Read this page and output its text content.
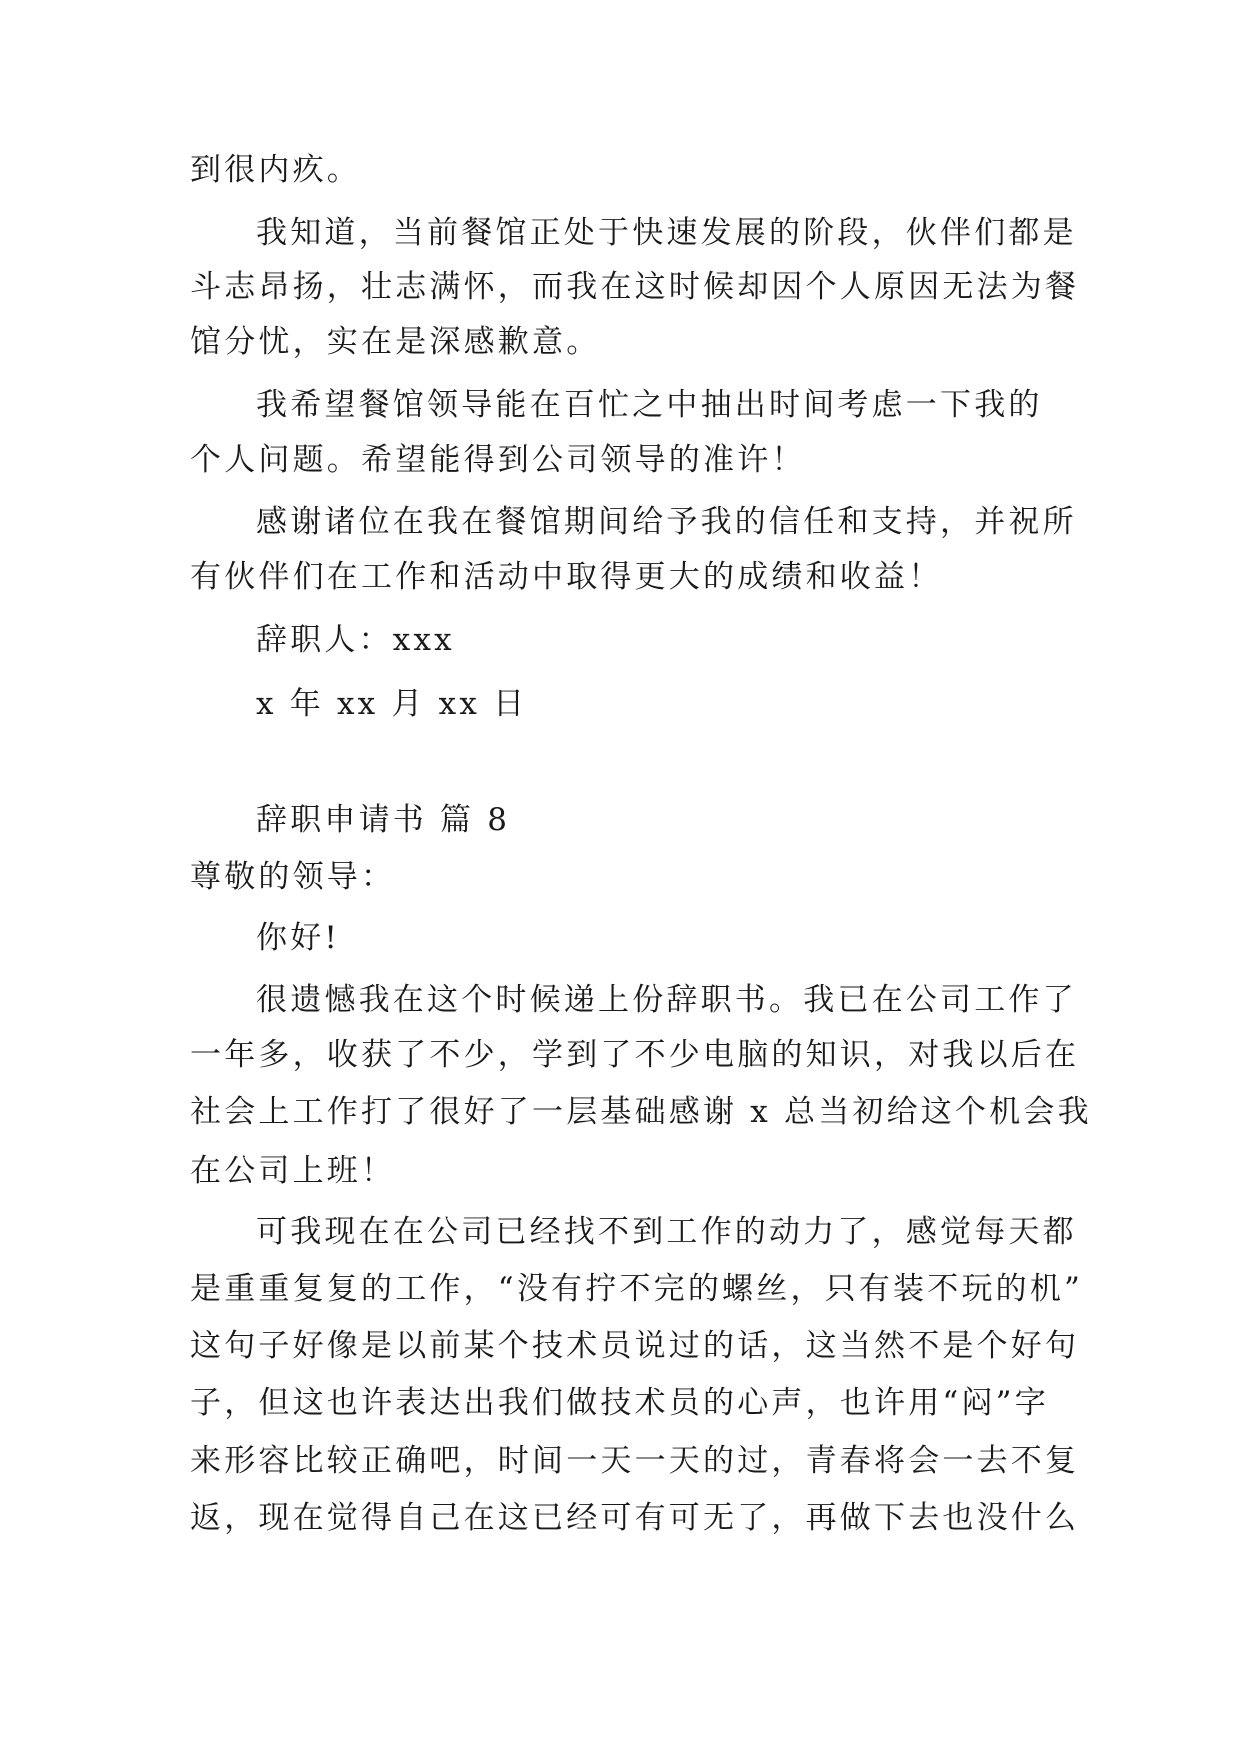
到很内疚。

我知道，当前餐馆正处于快速发展的阶段，伙伴们都是

斗志昂扬，壮志满怀，而我在这时候却因个人原因无法为餐

馆分忧，实在是深感歉意。

我希望餐馆领导能在百忙之中抽出时间考虑一下我的

个人问题。希望能得到公司领导的准许！

感谢诸位在我在餐馆期间给予我的信任和支持，并祝所

有伙伴们在工作和活动中取得更大的成绩和收益！

辞职人：xxx

x 年 xx 月 xx 日

辞职申请书 篇 8

尊敬的领导：

你好!

很遗憾我在这个时候递上份辞职书。我已在公司工作了

一年多，收获了不少，学到了不少电脑的知识，对我以后在

社会上工作打了很好了一层基础感谢 x 总当初给这个机会我

在公司上班！

可我现在在公司已经找不到工作的动力了，感觉每天都

是重重复复的工作，“没有拧不完的螺丝，只有装不玩的机”

这句子好像是以前某个技术员说过的话，这当然不是个好句

子，但这也许表达出我们做技术员的心声，也许用“闷”字

来形容比较正确吧，时间一天一天的过，青春将会一去不复

返，现在觉得自己在这已经可有可无了，再做下去也没什么
